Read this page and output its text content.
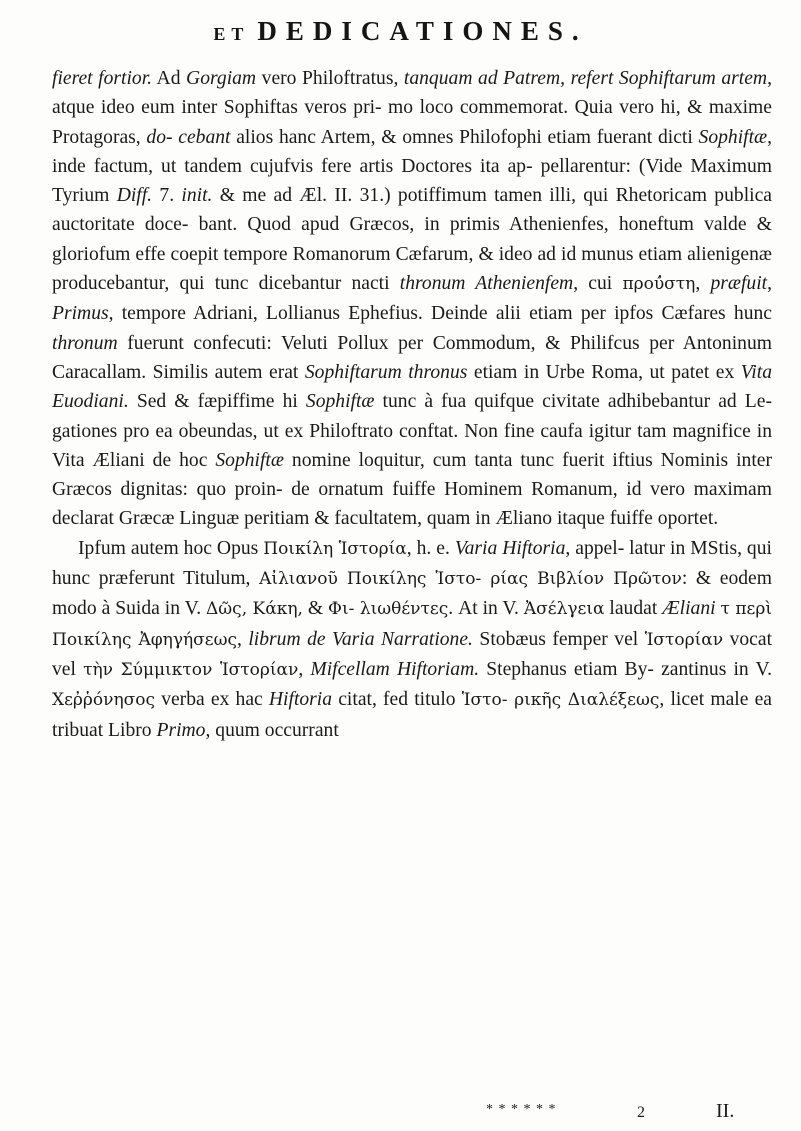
ET DEDICATIONES.

fieret fortior. Ad Gorgiam vero Philoftratus, tanquam ad Patrem, refert Sophiftarum artem, atque ideo eum inter Sophiftas veros pri- mo loco commemorat. Quia vero hi, & maxime Protagoras, do- cebant alios hanc Artem, & omnes Philofophi etiam fuerant dicti Sophiftæ, inde factum, ut tandem cujufvis fere artis Doctores ita ap- pellarentur: (Vide Maximum Tyrium Diff. 7. init. & me ad Æl. II. 31.) potiffimum tamen illi, qui Rhetoricam publica auctoritate doce- bant. Quod apud Græcos, in primis Athenienfes, honeftum valde & gloriofum effe coepit tempore Romanorum Cæfarum, & ideo ad id munus etiam alienigenæ producebantur, qui tunc dicebantur nacti thronum Athenienfem, cui πρού̓στη, præfuit, Primus, tempore Adriani, Lollianus Ephefius. Deinde alii etiam per ipfos Cæfares hunc thronum fuerunt confecuti: Veluti Pollux per Commodum, & Philifcus per Antoninum Caracallam. Similis autem erat Sophiftarum thronus etiam in Urbe Roma, ut patet ex Vita Euodiani. Sed & fæpiffime hi Sophiftæ tunc à fua quifque civitate adhibebantur ad Le- gationes pro ea obeundas, ut ex Philoftrato conftat. Non fine caufa igitur tam magnifice in Vita Æliani de hoc Sophiftæ nomine loquitur, cum tanta tunc fuerit iftius Nominis inter Græcos dignitas: quo proin- de ornatum fuiffe Hominem Romanum, id vero maximam declarat Græcæ Linguæ peritiam & facultatem, quam in Æliano itaque fuiffe oportet.

Ipfum autem hoc Opus Ποικίλη Ἱστορία, h. e. Varia Hiftoria, appel- latur in MStis, qui hunc præferunt Titulum, Αἰλιανοῦ Ποικίλης Ἱστο- ρίας Βιβλίον Πρῶτον: & eodem modo à Suida in V. Δῶς, Κάκη, & Φι- λιωθέντες. At in V. Ἀσέλγεια laudat Æliani τ περὶ Ποικίλης Ἀφηγήσεως, librum de Varia Narratione. Stobæus femper vel Ἱστορίαν vocat vel τὴν Σύμμικτον Ἱστορίαν, Mifcellam Hiftoriam. Stephanus etiam By- zantinus in V. Χεῤῥόνησος verba ex hac Hiftoria citat, fed titulo Ἱστο- ρικῆς Διαλέξεως, licet male ea tribuat Libro Primo, quum occurrant

* * * * * *	2	II.
